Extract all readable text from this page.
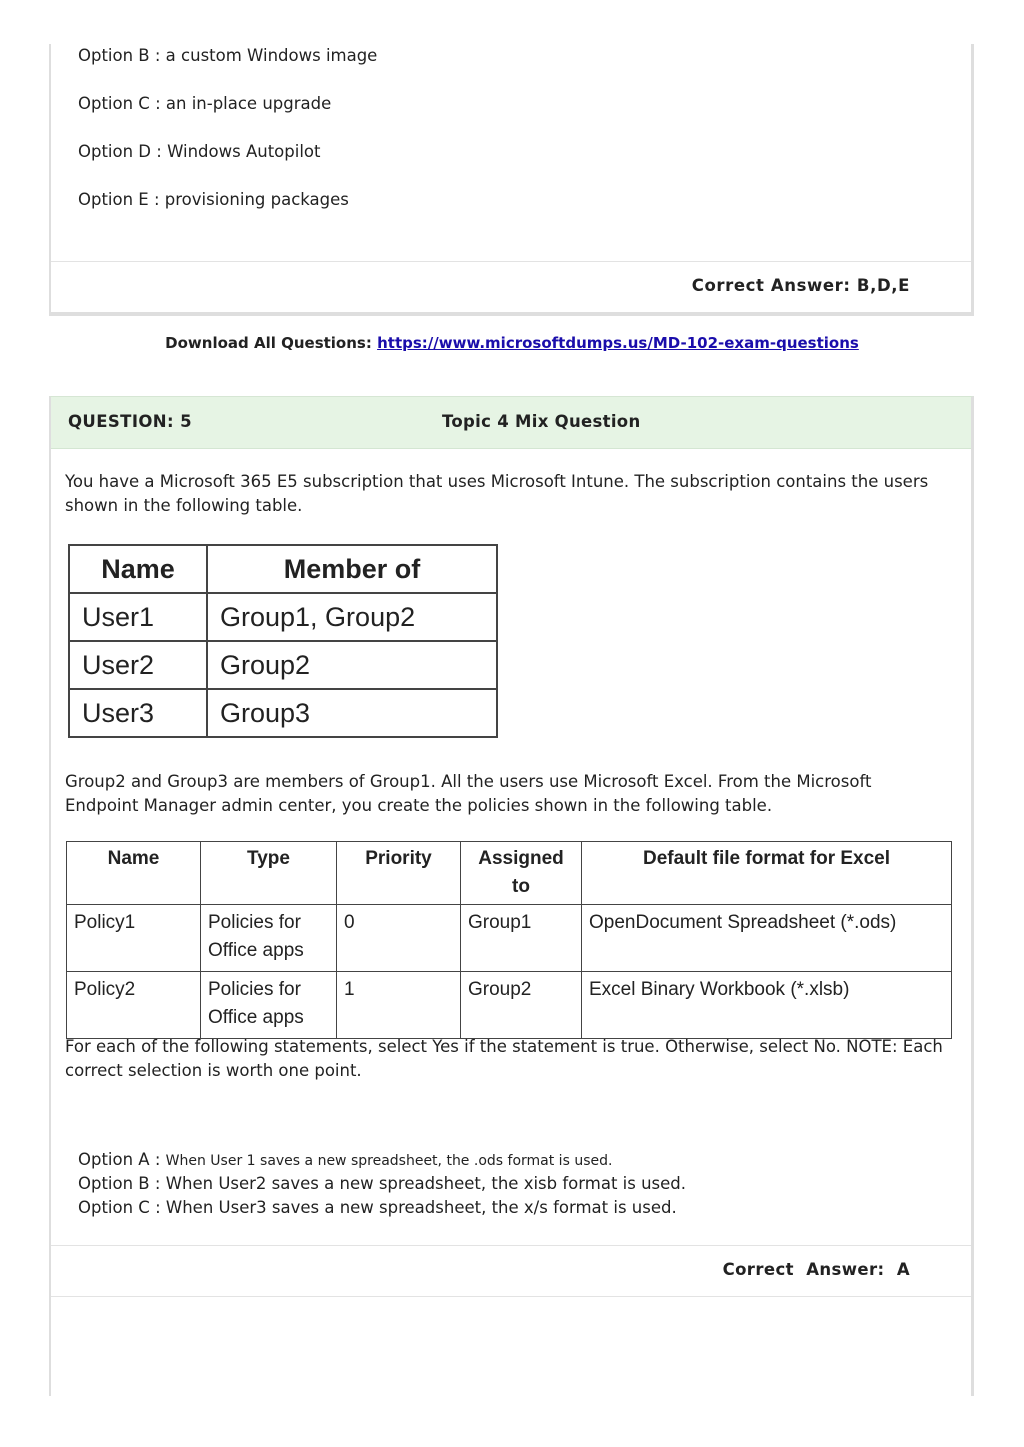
Option B : a custom Windows image
Option C : an in-place upgrade
Option D : Windows Autopilot
Option E : provisioning packages
Correct Answer: B,D,E
Download All Questions: https://www.microsoftdumps.us/MD-102-exam-questions
QUESTION: 5	Topic 4 Mix Question
You have a Microsoft 365 E5 subscription that uses Microsoft Intune. The subscription contains the users shown in the following table.
Name	Member of
User1	Group1, Group2
User2	Group2
User3	Group3
Group2 and Group3 are members of Group1. All the users use Microsoft Excel. From the Microsoft Endpoint Manager admin center, you create the policies shown in the following table.
Name	Type	Priority	Assigned to	Default file format for Excel
Policy1	Policies for Office apps	0	Group1	OpenDocument Spreadsheet (*.ods)
Policy2	Policies for Office apps	1	Group2	Excel Binary Workbook (*.xlsb)
For each of the following statements, select Yes if the statement is true. Otherwise, select No. NOTE: Each correct selection is worth one point.
Option A : When User 1 saves a new spreadsheet, the .ods format is used.
Option B : When User2 saves a new spreadsheet, the xisb format is used.
Option C : When User3 saves a new spreadsheet, the x/s format is used.
Correct  Answer:  A
